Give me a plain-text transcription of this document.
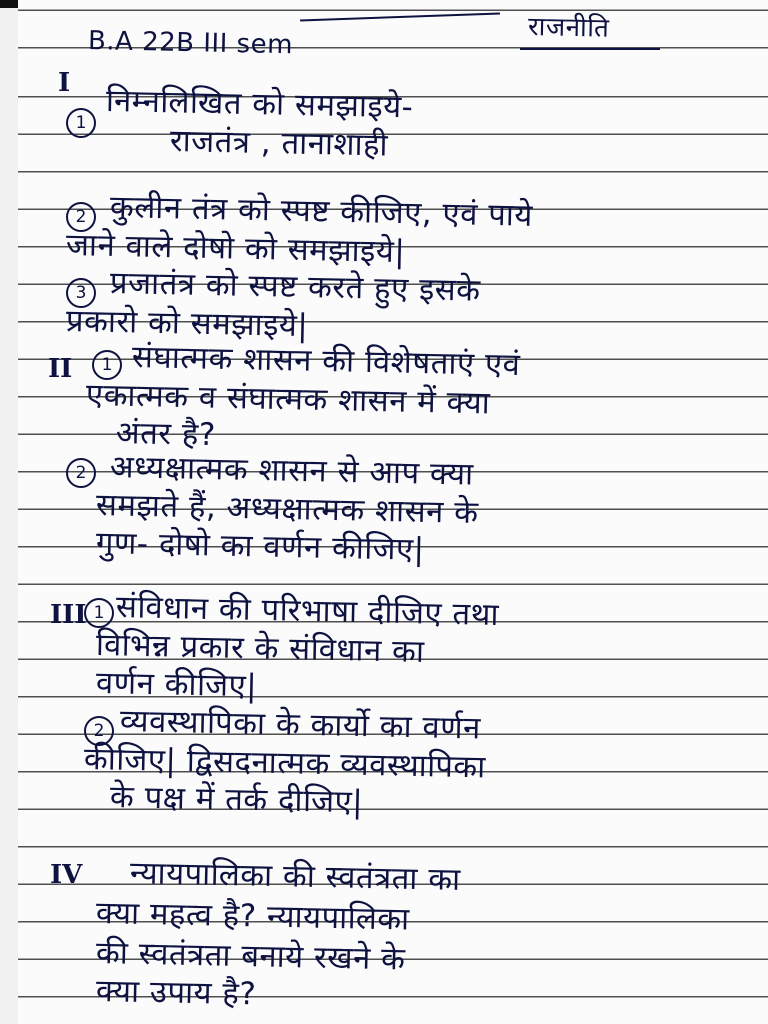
B.A 22B III sem	राजनीति
I
1 निम्नलिखित को समझाइये-
राजतंत्र , तानाशाही
2 कुलीन तंत्र को स्पष्ट कीजिए, एवं पाये
जाने वाले दोषो को समझाइये|
3 प्रजातंत्र को स्पष्ट करते हुए इसके
प्रकारो को समझाइये|
II	1 संघात्मक शासन की विशेषताएं एवं
एकात्मक व संघात्मक शासन में क्या
अंतर है?
2 अध्यक्षात्मक शासन से आप क्या
समझते हैं, अध्यक्षात्मक शासन के
गुण- दोषो का वर्णन कीजिए|
III 1 संविधान की परिभाषा दीजिए तथा
विभिन्न प्रकार के संविधान का
वर्णन कीजिए|
2 व्यवस्थापिका के कार्यो का वर्णन
कीजिए| द्विसदनात्मक व्यवस्थापिका
के पक्ष में तर्क दीजिए|
IV न्यायपालिका की स्वतंत्रता का
क्या महत्व है? न्यायपालिका
की स्वतंत्रता बनाये रखने के
क्या उपाय है?
